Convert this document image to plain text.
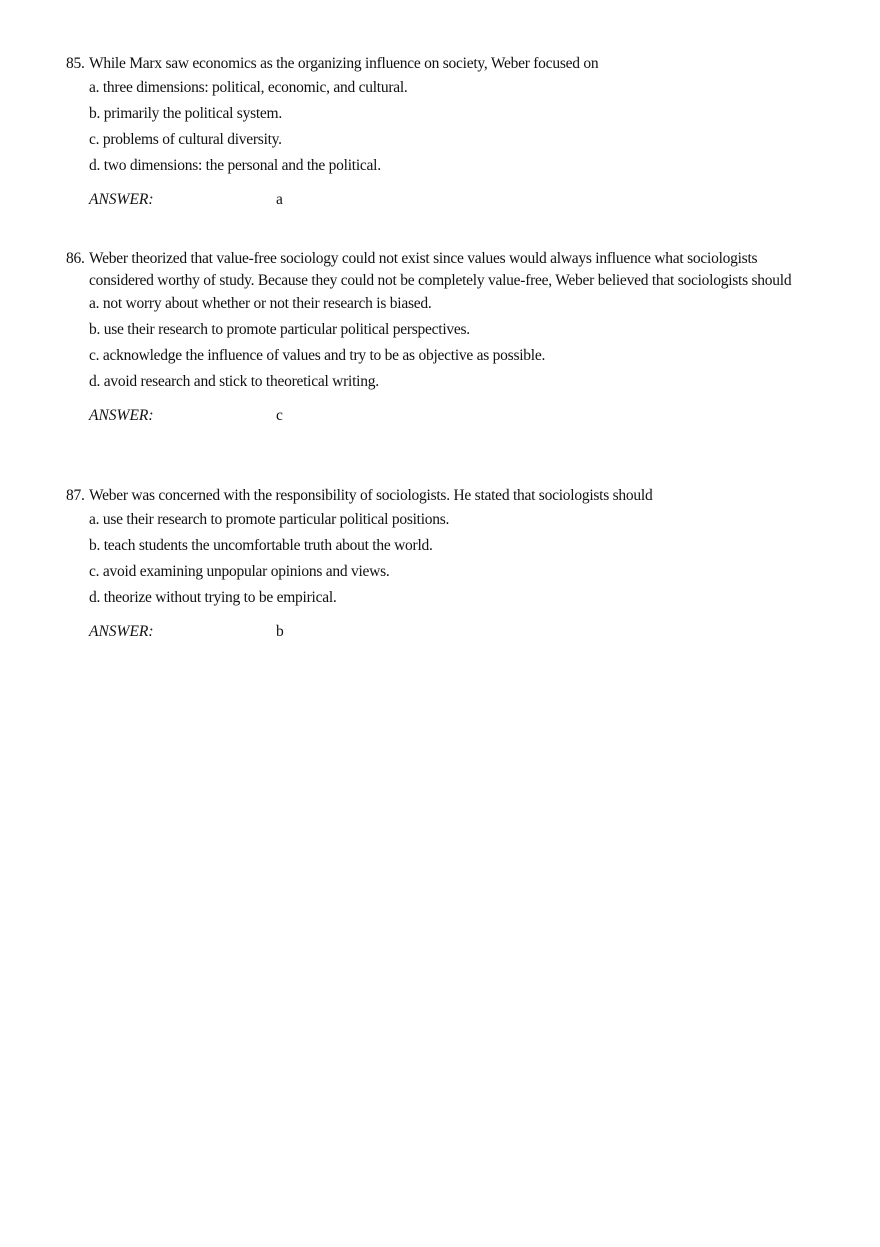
85. While Marx saw economics as the organizing influence on society, Weber focused on
a. three dimensions: political, economic, and cultural.
b. primarily the political system.
c. problems of cultural diversity.
d. two dimensions: the personal and the political.
ANSWER:	a
86. Weber theorized that value-free sociology could not exist since values would always influence what sociologists considered worthy of study. Because they could not be completely value-free, Weber believed that sociologists should
a. not worry about whether or not their research is biased.
b. use their research to promote particular political perspectives.
c. acknowledge the influence of values and try to be as objective as possible.
d. avoid research and stick to theoretical writing.
ANSWER:	c
87. Weber was concerned with the responsibility of sociologists. He stated that sociologists should
a. use their research to promote particular political positions.
b. teach students the uncomfortable truth about the world.
c. avoid examining unpopular opinions and views.
d. theorize without trying to be empirical.
ANSWER:	b
